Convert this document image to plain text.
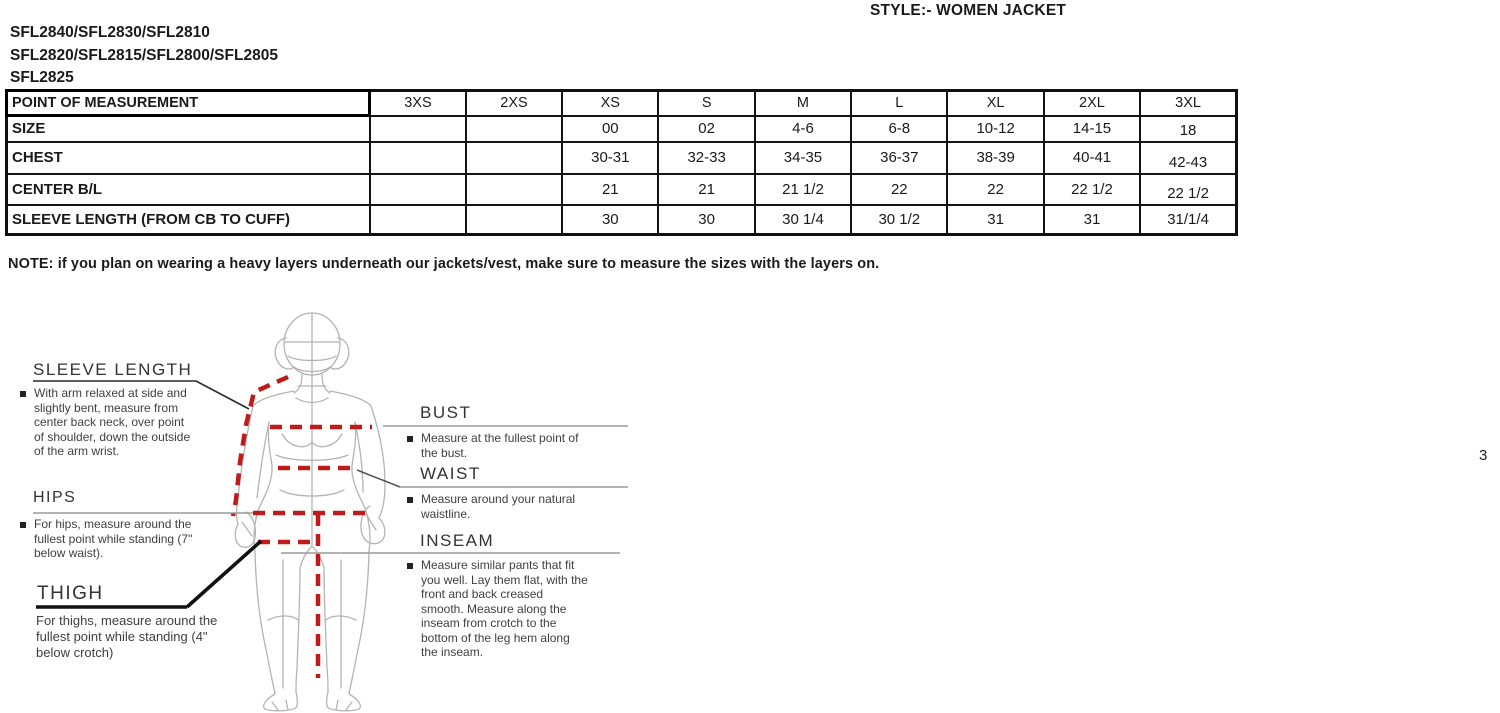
STYLE:- WOMEN JACKET
SFL2840/SFL2830/SFL2810
SFL2820/SFL2815/SFL2800/SFL2805
SFL2825
POINT OF MEASUREMENT	3XS	2XS	XS	S	M	L	XL	2XL	3XL
SIZE			00	02	4-6	6-8	10-12	14-15	18
CHEST			30-31	32-33	34-35	36-37	38-39	40-41	42-43
CENTER B/L			21	21	21 1/2	22	22	22 1/2	22 1/2
SLEEVE LENGTH (FROM CB TO CUFF)			30	30	30 1/4	30 1/2	31	31	31/1/4
NOTE: if you plan on wearing a heavy layers underneath our jackets/vest, make sure to measure the sizes with the layers on.
SLEEVE LENGTH
With arm relaxed at side and slightly bent, measure from center back neck, over point of shoulder, down the outside of the arm wrist.
HIPS
For hips, measure around the fullest point while standing (7" below waist).
THIGH
For thighs, measure around the fullest point while standing (4" below crotch)
BUST
Measure at the fullest point of the bust.
WAIST
Measure around your natural waistline.
INSEAM
Measure similar pants that fit you well. Lay them flat, with the front and back creased smooth. Measure along the inseam from crotch to the bottom of the leg hem along the inseam.
3
